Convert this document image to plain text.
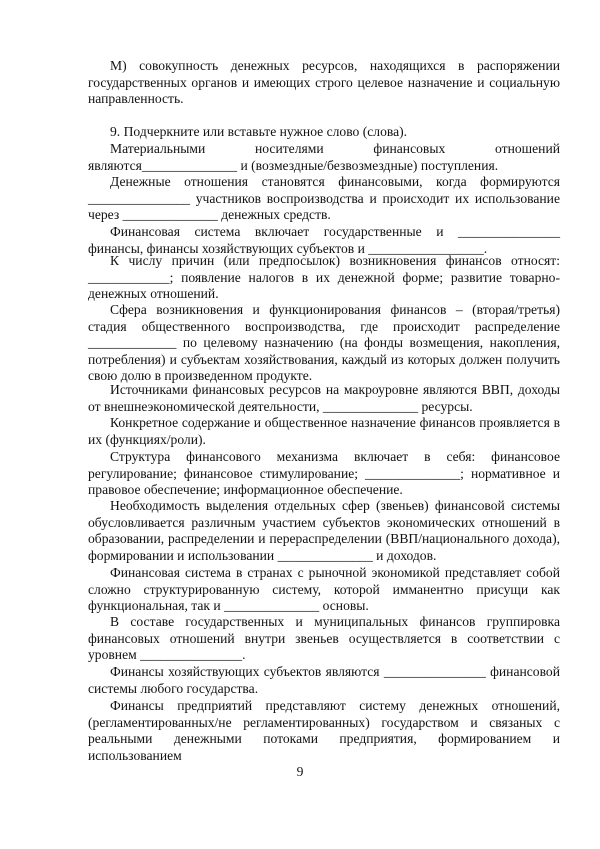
М) совокупность денежных ресурсов, находящихся в распоряжении государственных органов и имеющих строго целевое назначение и социальную направленность.

9. Подчеркните или вставьте нужное слово (слова).

Материальными носителями финансовых отношений являются______________ и (возмездные/безвозмездные) поступления.

Денежные отношения становятся финансовыми, когда формируются _______________ участников воспроизводства и происходит их использование через ______________ денежных средств.

Финансовая система включает государственные и _______________ финансы, финансы хозяйствующих субъектов и _________________.

К числу причин (или предпосылок) возникновения финансов относят: ____________; появление налогов в их денежной форме; развитие товарно-денежных отношений.

Сфера возникновения и функционирования финансов – (вторая/третья) стадия общественного воспроизводства, где происходит распределение _____________ по целевому назначению (на фонды возмещения, накопления, потребления) и субъектам хозяйствования, каждый из которых должен получить свою долю в произведенном продукте.

Источниками финансовых ресурсов на макроуровне являются ВВП, доходы от внешнеэкономической деятельности, ______________ ресурсы.

Конкретное содержание и общественное назначение финансов проявляется в их (функциях/роли).

Структура финансового механизма включает в себя: финансовое регулирование; финансовое стимулирование; ______________; нормативное и правовое обеспечение; информационное обеспечение.

Необходимость выделения отдельных сфер (звеньев) финансовой системы обусловливается различным участием субъектов экономических отношений в образовании, распределении и перераспределении (ВВП/национального дохода), формировании и использовании ______________ и доходов.

Финансовая система в странах с рыночной экономикой представляет собой сложно структурированную систему, которой имманентно присущи как функциональная, так и ______________ основы.

В составе государственных и муниципальных финансов группировка финансовых отношений внутри звеньев осуществляется в соответствии с уровнем _______________.

Финансы хозяйствующих субъектов являются _______________ финансовой системы любого государства.

Финансы предприятий представляют систему денежных отношений, (регламентированных/не регламентированных) государством и связаных с реальными денежными потоками предприятия, формированием и использованием

9
